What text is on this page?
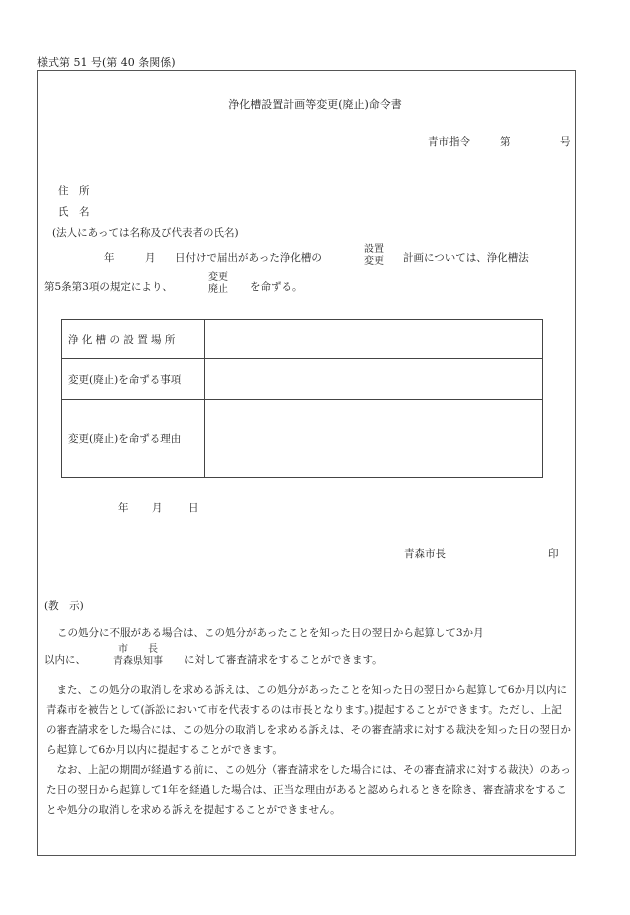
様式第 51 号(第 40 条関係)
浄化槽設置計画等変更(廃止)命令書
青市指令	第	号
住　所
氏　名
(法人にあっては名称及び代表者の氏名)
年	月 日付けで届出があった浄化槽の
設置
変更 計画については、浄化槽法
第5条第3項の規定により、
変更
廃止 を命ずる。
浄 化 槽 の 設 置 場 所	
変更(廃止)を命ずる事項	
変更(廃止)を命ずる理由	
年 月 日
青森市長	印
(教　示)
この処分に不服がある場合は、この処分があったことを知った日の翌日から起算して3か月
以内に、
市　　長
青森県知事 に対して審査請求をすることができます。
また、この処分の取消しを求める訴えは、この処分があったことを知った日の翌日から起算して6か月以内に青森市を被告として(訴訟において市を代表するのは市長となります。)提起することができます。ただし、上記の審査請求をした場合には、この処分の取消しを求める訴えは、その審査請求に対する裁決を知った日の翌日から起算して6か月以内に提起することができます。
なお、上記の期間が経過する前に、この処分（審査請求をした場合には、その審査請求に対する裁決）のあった日の翌日から起算して1年を経過した場合は、正当な理由があると認められるときを除き、審査請求をすることや処分の取消しを求める訴えを提起することができません。
